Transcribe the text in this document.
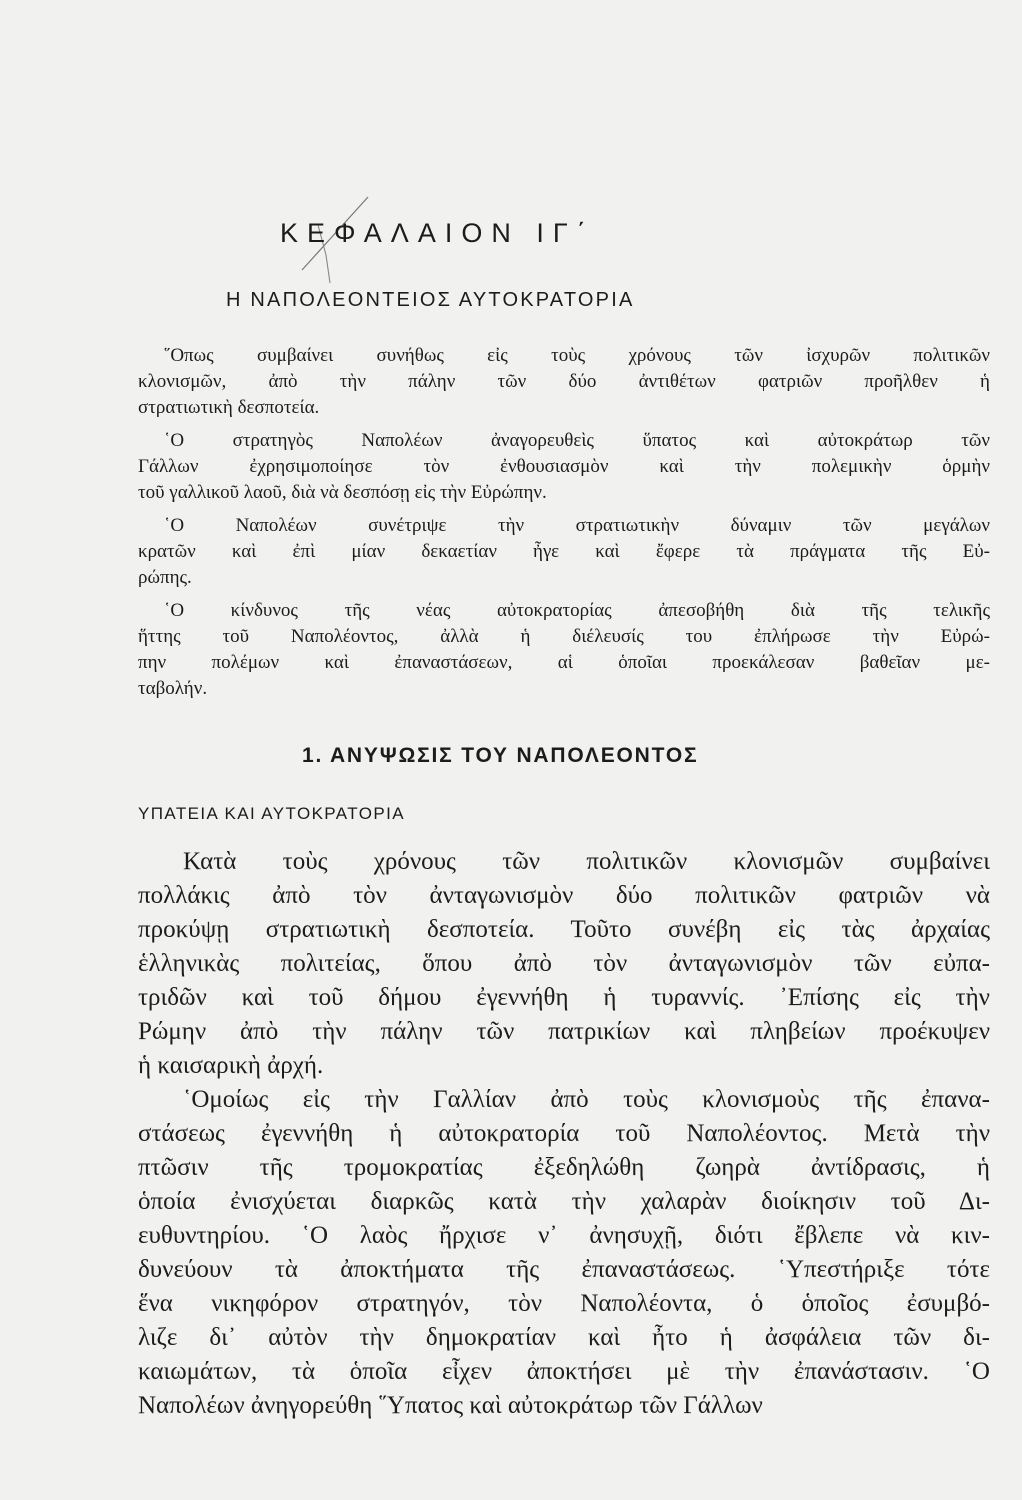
ΚΕΦΑΛΑΙΟΝ ΙΓ΄
Η ΝΑΠΟΛΕΟΝΤΕΙΟΣ ΑΥΤΟΚΡΑΤΟΡΙΑ
῞Οπως συμβαίνει συνήθως εἰς τοὺς χρόνους τῶν ἰσχυρῶν πολιτικῶν
κλονισμῶν, ἀπὸ τὴν πάλην τῶν δύο ἀντιθέτων φατριῶν προῆλθεν ἡ
στρατιωτικὴ δεσποτεία.
῾Ο στρατηγὸς Ναπολέων ἀναγορευθεὶς ὕπατος καὶ αὐτοκράτωρ τῶν
Γάλλων ἐχρησιμοποίησε τὸν ἐνθουσιασμὸν καὶ τὴν πολεμικὴν ὁρμὴν
τοῦ γαλλικοῦ λαοῦ, διὰ νὰ δεσπόσῃ εἰς τὴν Εὐρώπην.
῾Ο Ναπολέων συνέτριψε τὴν στρατιωτικὴν δύναμιν τῶν μεγάλων
κρατῶν καὶ ἐπὶ μίαν δεκαετίαν ἦγε καὶ ἔφερε τὰ πράγματα τῆς Εὐ-
ρώπης.
῾Ο κίνδυνος τῆς νέας αὐτοκρατορίας ἀπεσοβήθη διὰ τῆς τελικῆς
ἥττης τοῦ Ναπολέοντος, ἀλλὰ ἡ διέλευσίς του ἐπλήρωσε τὴν Εὐρώ-
πην πολέμων καὶ ἐπαναστάσεων, αἱ ὁποῖαι προεκάλεσαν βαθεῖαν με-
ταβολήν.
1. ΑΝΥΨΩΣΙΣ ΤΟΥ ΝΑΠΟΛΕΟΝΤΟΣ
ΥΠΑΤΕΙΑ ΚΑΙ ΑΥΤΟΚΡΑΤΟΡΙΑ
Κατὰ τοὺς χρόνους τῶν πολιτικῶν κλονισμῶν συμβαίνει
πολλάκις ἀπὸ τὸν ἀνταγωνισμὸν δύο πολιτικῶν φατριῶν νὰ
προκύψῃ στρατιωτικὴ δεσποτεία. Τοῦτο συνέβη εἰς τὰς ἀρχαίας
ἑλληνικὰς πολιτείας, ὅπου ἀπὸ τὸν ἀνταγωνισμὸν τῶν εὐπα-
τριδῶν καὶ τοῦ δήμου ἐγεννήθη ἡ τυραννίς. ᾿Επίσης εἰς τὴν
Ρώμην ἀπὸ τὴν πάλην τῶν πατρικίων καὶ πληβείων προέκυψεν
ἡ καισαρικὴ ἀρχή.
῾Ομοίως εἰς τὴν Γαλλίαν ἀπὸ τοὺς κλονισμοὺς τῆς ἐπανα-
στάσεως ἐγεννήθη ἡ αὐτοκρατορία τοῦ Ναπολέοντος. Μετὰ τὴν
πτῶσιν τῆς τρομοκρατίας ἐξεδηλώθη ζωηρὰ ἀντίδρασις, ἡ
ὁποία ἐνισχύεται διαρκῶς κατὰ τὴν χαλαρὰν διοίκησιν τοῦ Δι-
ευθυντηρίου. ῾Ο λαὸς ἤρχισε ν᾿ ἀνησυχῇ, διότι ἔβλεπε νὰ κιν-
δυνεύουν τὰ ἀποκτήματα τῆς ἐπαναστάσεως. ῾Υπεστήριξε τότε
ἕνα νικηφόρον στρατηγόν, τὸν Ναπολέοντα, ὁ ὁποῖος ἐσυμβό-
λιζε δι᾿ αὐτὸν τὴν δημοκρατίαν καὶ ἦτο ἡ ἀσφάλεια τῶν δι-
καιωμάτων, τὰ ὁποῖα εἶχεν ἀποκτήσει μὲ τὴν ἐπανάστασιν. ῾Ο
Ναπολέων ἀνηγορεύθη ῞Υπατος καὶ αὐτοκράτωρ τῶν Γάλλων
